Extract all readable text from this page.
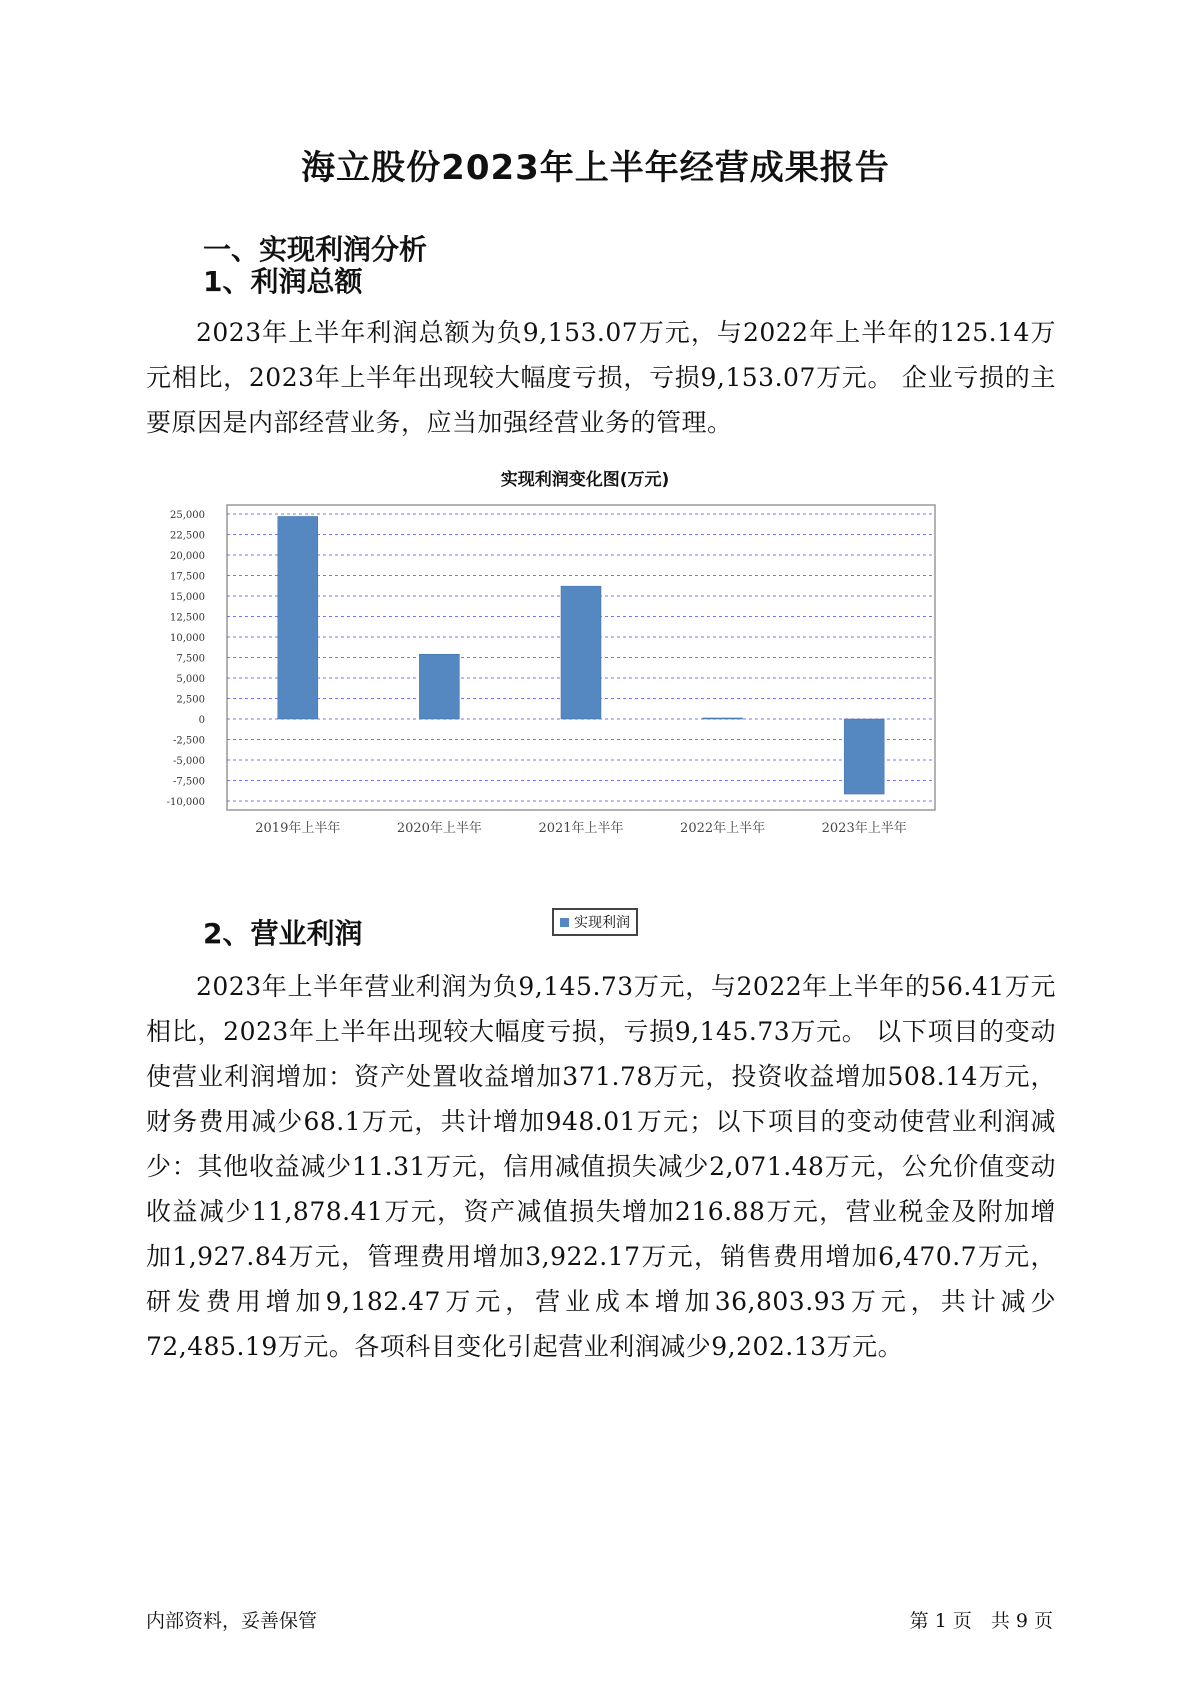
海立股份2023年上半年经营成果报告
一、实现利润分析
1、利润总额
2023年上半年利润总额为负9,153.07万元，与2022年上半年的125.14万元相比，2023年上半年出现较大幅度亏损，亏损9,153.07万元。 企业亏损的主要原因是内部经营业务，应当加强经营业务的管理。
实现利润变化图(万元)
25,000
22,500
20,000
17,500
15,000
12,500
10,000
7,500
5,000
2,500
0
-2,500
-5,000
-7,500
-10,000
2019年上半年	2020年上半年	2021年上半年	2022年上半年	2023年上半年
实现利润
2、营业利润
2023年上半年营业利润为负9,145.73万元，与2022年上半年的56.41万元相比，2023年上半年出现较大幅度亏损，亏损9,145.73万元。 以下项目的变动使营业利润增加：资产处置收益增加371.78万元，投资收益增加508.14万元，财务费用减少68.1万元，共计增加948.01万元；以下项目的变动使营业利润减少：其他收益减少11.31万元，信用减值损失减少2,071.48万元，公允价值变动收益减少11,878.41万元，资产减值损失增加216.88万元，营业税金及附加增加1,927.84万元，管理费用增加3,922.17万元，销售费用增加6,470.7万元，研发费用增加9,182.47万元，营业成本增加36,803.93万元，共计减少72,485.19万元。各项科目变化引起营业利润减少9,202.13万元。
内部资料，妥善保管	第 1 页　共 9 页
